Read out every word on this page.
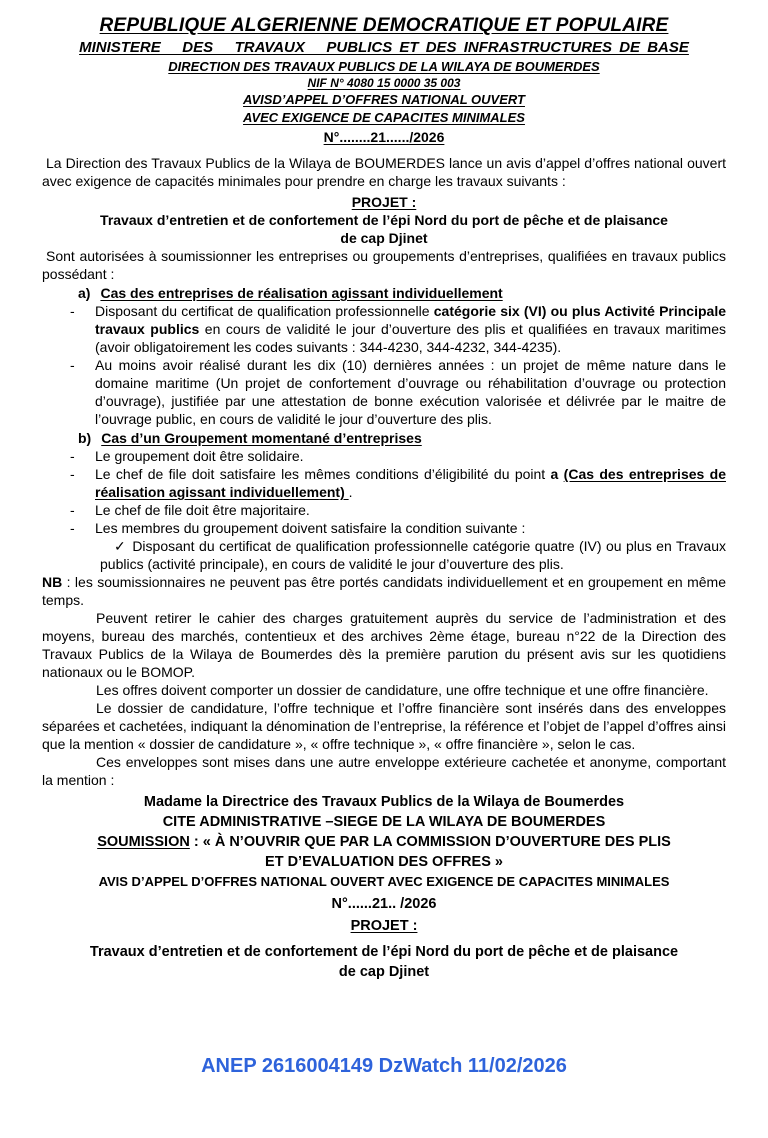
REPUBLIQUE ALGERIENNE DEMOCRATIQUE ET POPULAIRE
MINISTERE   DES   TRAVAUX   PUBLICS ET DES INFRASTRUCTURES DE BASE
DIRECTION DES TRAVAUX PUBLICS DE LA WILAYA DE BOUMERDES
NIF N° 4080 15 0000 35 003
AVISD’APPEL D’OFFRES NATIONAL OUVERT
AVEC EXIGENCE DE CAPACITES MINIMALES
N°........21....../2026

La Direction des Travaux Publics de la Wilaya de BOUMERDES lance un avis d’appel d’offres national ouvert avec exigence de capacités minimales pour prendre en charge les travaux suivants :

PROJET :

Travaux d’entretien et de confortement de l’épi Nord du port de pêche et de plaisance
de cap Djinet

Sont autorisées à soumissionner les entreprises ou groupements d’entreprises, qualifiées en travaux publics possédant :

a) Cas des entreprises de réalisation agissant individuellement

- Disposant du certificat de qualification professionnelle catégorie six (VI) ou plus Activité Principale travaux publics en cours de validité le jour d’ouverture des plis et qualifiées en travaux maritimes (avoir obligatoirement les codes suivants : 344-4230, 344-4232, 344-4235).
- Au moins avoir réalisé durant les dix (10) dernières années : un projet de même nature dans le domaine maritime (Un projet de confortement d’ouvrage ou réhabilitation d’ouvrage ou protection d’ouvrage), justifiée par une attestation de bonne exécution valorisée et délivrée par le maitre de l’ouvrage public, en cours de validité le jour d’ouverture des plis.

b) Cas d’un Groupement momentané d’entreprises

- Le groupement doit être solidaire.
- Le chef de file doit satisfaire les mêmes conditions d’éligibilité du point a (Cas des entreprises de réalisation agissant individuellement) .
- Le chef de file doit être majoritaire.
- Les membres du groupement doivent satisfaire la condition suivante :

✓ Disposant du certificat de qualification professionnelle catégorie quatre (IV) ou plus en Travaux publics (activité principale), en cours de validité le jour d’ouverture des plis.

NB : les soumissionnaires ne peuvent pas être portés candidats individuellement et en groupement en même temps.

Peuvent retirer le cahier des charges gratuitement auprès du service de l’administration et des moyens, bureau des marchés, contentieux et des archives 2ème étage, bureau n°22 de la Direction des Travaux Publics de la Wilaya de Boumerdes dès la première parution du présent avis sur les quotidiens nationaux ou le BOMOP.

Les offres doivent comporter un dossier de candidature, une offre technique et une offre financière.

Le dossier de candidature, l’offre technique et l’offre financière sont insérés dans des enveloppes séparées et cachetées, indiquant la dénomination de l’entreprise, la référence et l’objet de l’appel d’offres ainsi que la mention « dossier de candidature », « offre technique », « offre financière », selon le cas.

Ces enveloppes sont mises dans une autre enveloppe extérieure cachetée et anonyme, comportant la mention :

Madame la Directrice des Travaux Publics de la Wilaya de Boumerdes

CITE ADMINISTRATIVE –SIEGE DE LA WILAYA DE BOUMERDES

SOUMISSION : « À N’OUVRIR QUE PAR LA COMMISSION D’OUVERTURE DES PLIS
ET D’EVALUATION DES OFFRES »

AVIS D’APPEL D’OFFRES NATIONAL OUVERT AVEC EXIGENCE DE CAPACITES MINIMALES

N°......21.. /2026

PROJET :

Travaux d’entretien et de confortement de l’épi Nord du port de pêche et de plaisance
de cap Djinet

ANEP 2616004149 DzWatch 11/02/2026
